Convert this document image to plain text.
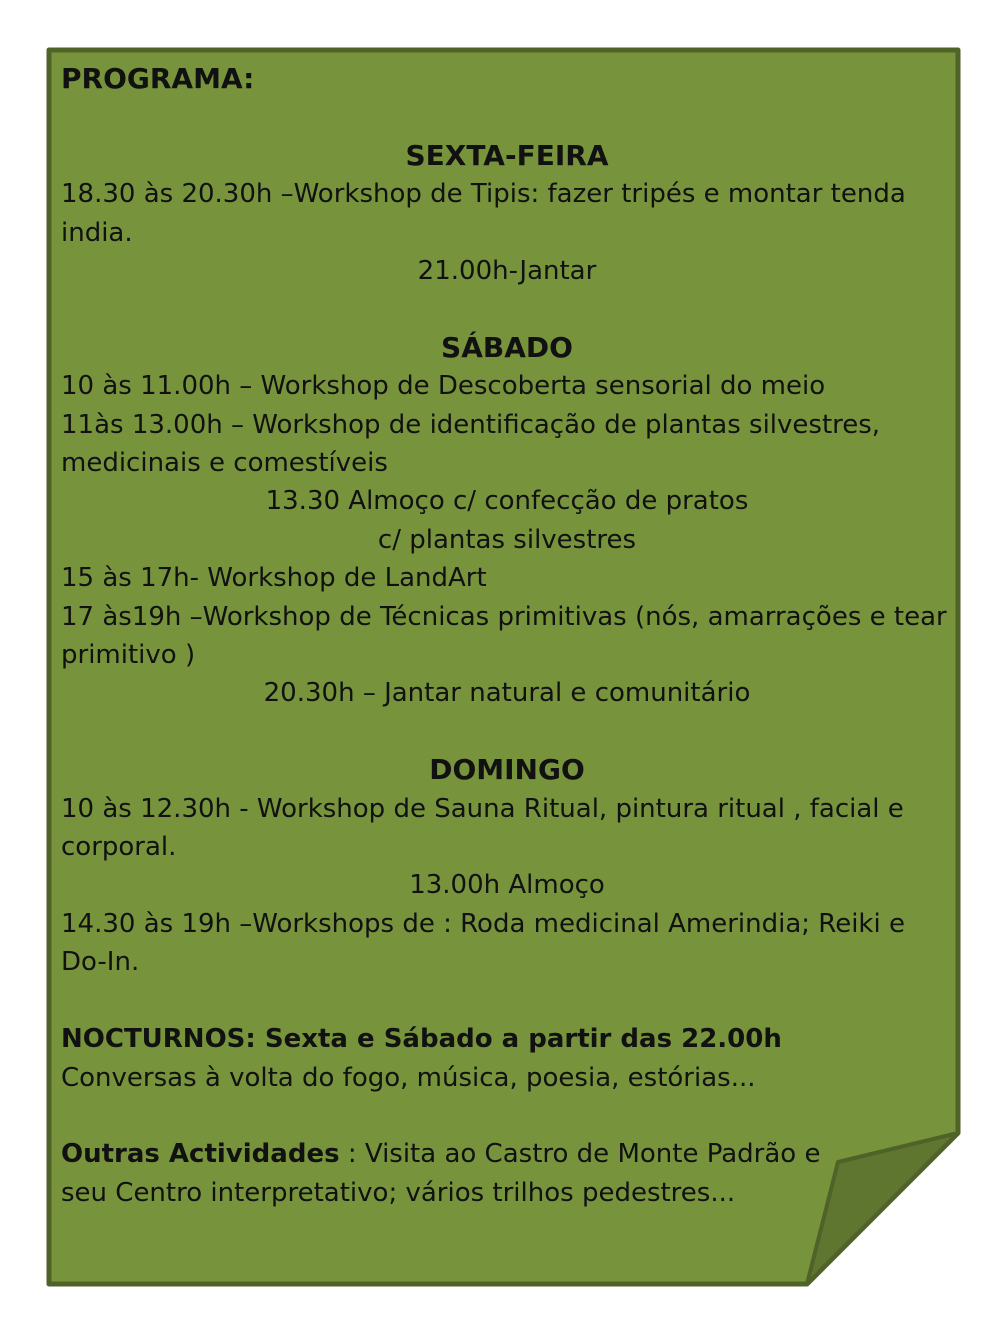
PROGRAMA:
SEXTA-FEIRA
18.30 às 20.30h –Workshop de Tipis: fazer tripés e montar tenda india.
21.00h-Jantar
SÁBADO
10 às 11.00h – Workshop de Descoberta sensorial do meio
11às 13.00h – Workshop de identificação de plantas silvestres, medicinais e comestíveis
13.30 Almoço c/ confecção de pratos
c/ plantas silvestres
15 às 17h- Workshop de LandArt
17 às19h –Workshop de Técnicas primitivas (nós, amarrações e tear primitivo )
20.30h – Jantar natural e comunitário
DOMINGO
10 às 12.30h - Workshop de Sauna Ritual, pintura ritual , facial e corporal.
13.00h Almoço
14.30 às 19h –Workshops de : Roda medicinal Amerindia; Reiki e Do-In.
NOCTURNOS: Sexta e Sábado a partir das 22.00h
Conversas à volta do fogo, música, poesia, estórias...
Outras Actividades : Visita ao Castro de Monte Padrão e seu Centro interpretativo; vários trilhos pedestres...
